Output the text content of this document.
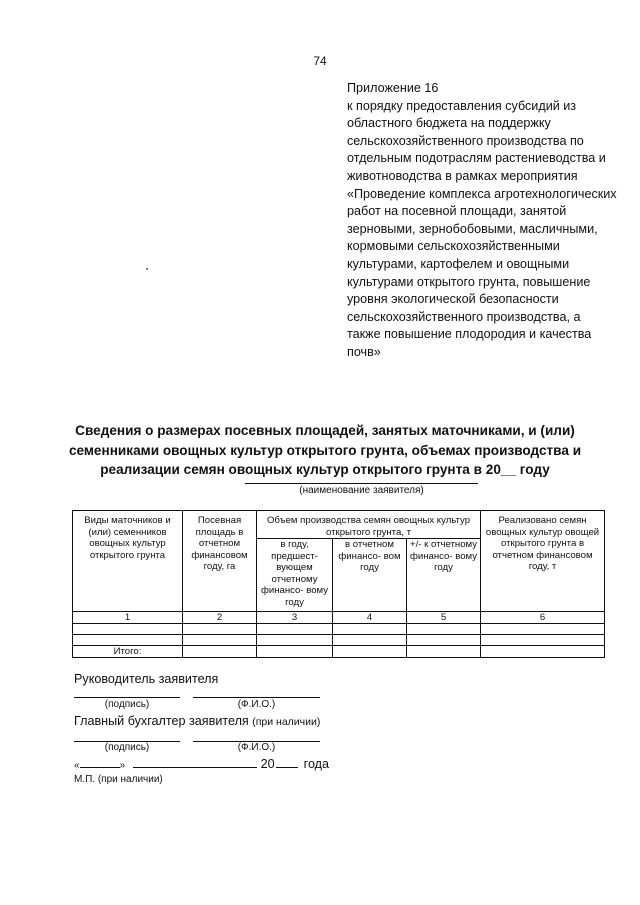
74
Приложение 16
к порядку предоставления субсидий из областного бюджета на поддержку сельскохозяйственного производства по отдельным подотраслям растениеводства и животноводства в рамках мероприятия «Проведение комплекса агротехнологических работ на посевной площади, занятой зерновыми, зернобобовыми, масличными, кормовыми сельскохозяйственными культурами, картофелем и овощными культурами открытого грунта, повышение уровня экологической безопасности сельскохозяйственного производства, а также повышение плодородия и качества почв»
Сведения о размерах посевных площадей, занятых маточниками, и (или) семенниками овощных культур открытого грунта, объемах производства и реализации семян овощных культур открытого грунта в 20__ году
(наименование заявителя)
Виды маточников и (или) семенников овощных культур открытого грунта	Посевная площадь в отчетном финансовом году, га	Объем производства семян овощных культур открытого грунта, т			Реализовано семян овощных культур овощей открытого грунта в отчетном финансовом году, т
		в году, предшест- вующем отчетному финансо- вому году	в отчетном финансо- вом году	+/- к отчетному финансо- вому году	
1	2	3	4	5	6

Итого:					
Руководитель заявителя
(подпись)	(Ф.И.О.)
Главный бухгалтер заявителя (при наличии)
(подпись)	(Ф.И.О.)
«	»	20 года
М.П. (при наличии)
